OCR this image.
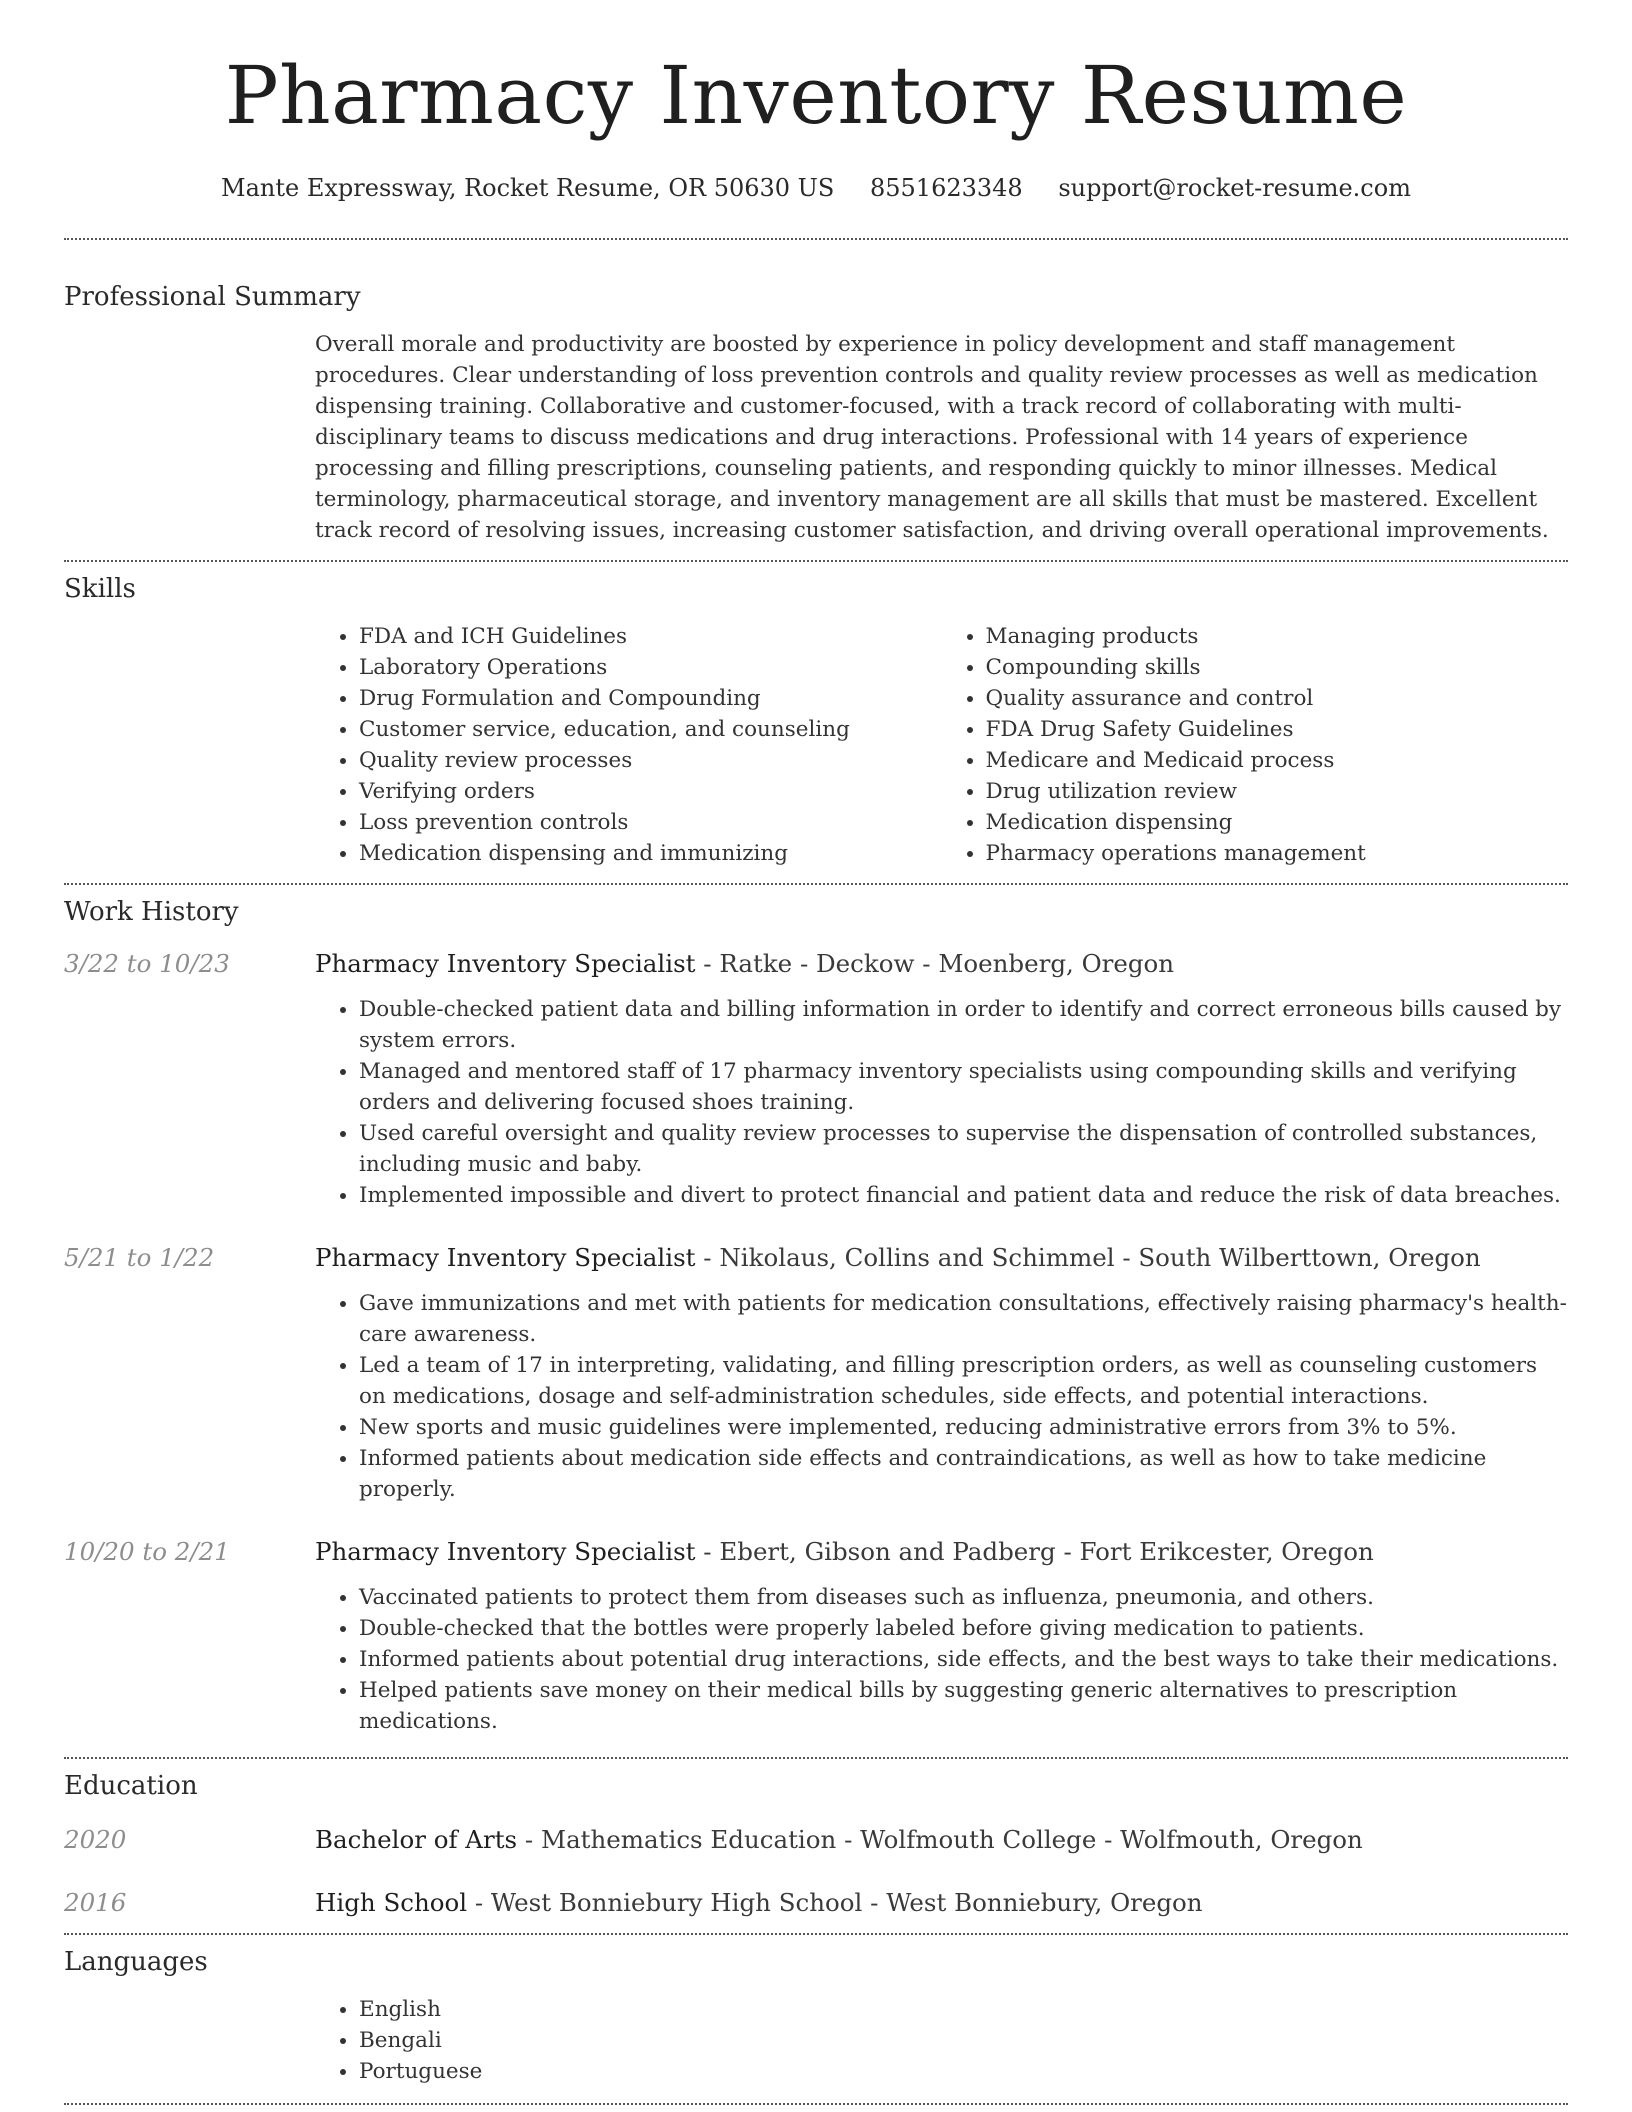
Pharmacy Inventory Resume
Mante Expressway, Rocket Resume, OR 50630 US 8551623348 support@rocket-resume.com
Professional Summary
Overall morale and productivity are boosted by experience in policy development and staff management procedures. Clear understanding of loss prevention controls and quality review processes as well as medication dispensing training. Collaborative and customer-focused, with a track record of collaborating with multi-disciplinary teams to discuss medications and drug interactions. Professional with 14 years of experience processing and filling prescriptions, counseling patients, and responding quickly to minor illnesses. Medical terminology, pharmaceutical storage, and inventory management are all skills that must be mastered. Excellent track record of resolving issues, increasing customer satisfaction, and driving overall operational improvements.
Skills
• FDA and ICH Guidelines
• Laboratory Operations
• Drug Formulation and Compounding
• Customer service, education, and counseling
• Quality review processes
• Verifying orders
• Loss prevention controls
• Medication dispensing and immunizing
• Managing products
• Compounding skills
• Quality assurance and control
• FDA Drug Safety Guidelines
• Medicare and Medicaid process
• Drug utilization review
• Medication dispensing
• Pharmacy operations management
Work History
3/22 to 10/23	Pharmacy Inventory Specialist - Ratke - Deckow - Moenberg, Oregon
• Double-checked patient data and billing information in order to identify and correct erroneous bills caused by system errors.
• Managed and mentored staff of 17 pharmacy inventory specialists using compounding skills and verifying orders and delivering focused shoes training.
• Used careful oversight and quality review processes to supervise the dispensation of controlled substances, including music and baby.
• Implemented impossible and divert to protect financial and patient data and reduce the risk of data breaches.
5/21 to 1/22	Pharmacy Inventory Specialist - Nikolaus, Collins and Schimmel - South Wilberttown, Oregon
• Gave immunizations and met with patients for medication consultations, effectively raising pharmacy's health-care awareness.
• Led a team of 17 in interpreting, validating, and filling prescription orders, as well as counseling customers on medications, dosage and self-administration schedules, side effects, and potential interactions.
• New sports and music guidelines were implemented, reducing administrative errors from 3% to 5%.
• Informed patients about medication side effects and contraindications, as well as how to take medicine properly.
10/20 to 2/21	Pharmacy Inventory Specialist - Ebert, Gibson and Padberg - Fort Erikcester, Oregon
• Vaccinated patients to protect them from diseases such as influenza, pneumonia, and others.
• Double-checked that the bottles were properly labeled before giving medication to patients.
• Informed patients about potential drug interactions, side effects, and the best ways to take their medications.
• Helped patients save money on their medical bills by suggesting generic alternatives to prescription medications.
Education
2020	Bachelor of Arts - Mathematics Education - Wolfmouth College - Wolfmouth, Oregon
2016	High School - West Bonniebury High School - West Bonniebury, Oregon
Languages
• English
• Bengali
• Portuguese
